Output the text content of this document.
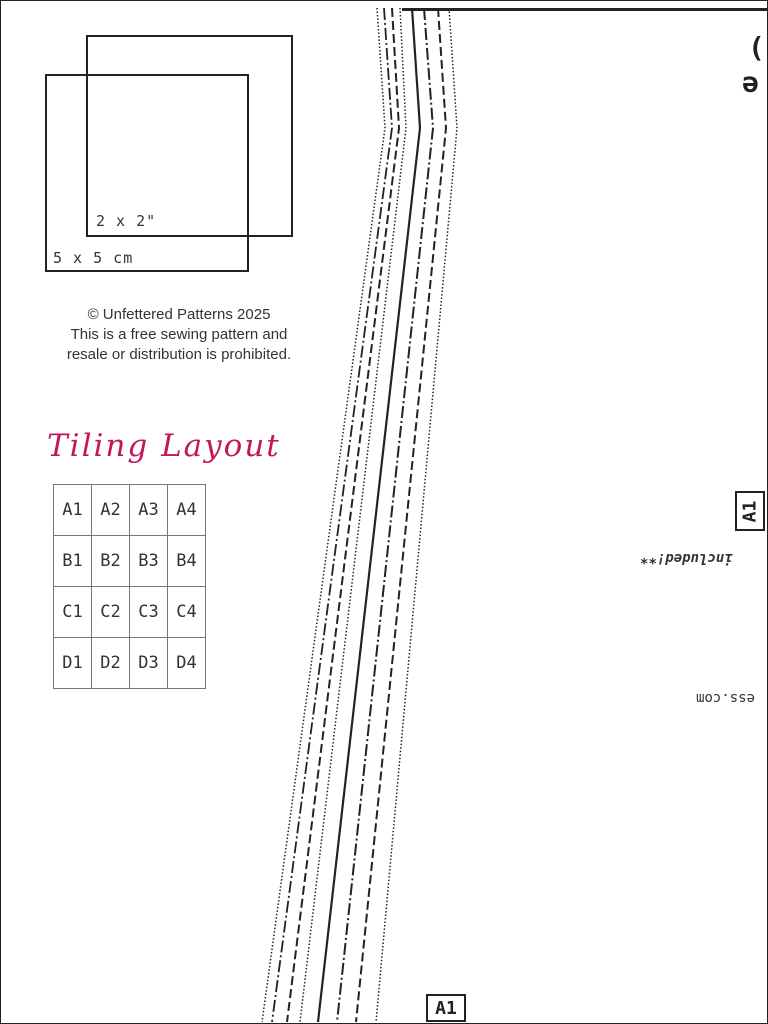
2 x 2"
5 x 5 cm
© Unfettered Patterns 2025
This is a free sewing pattern and
resale or distribution is prohibited.
Tiling Layout
A1	A2	A3	A4
B1	B2	B3	B4
C1	C2	C3	C4
D1	D2	D3	D4
(
e
A1
A1
included!**
ess.com
